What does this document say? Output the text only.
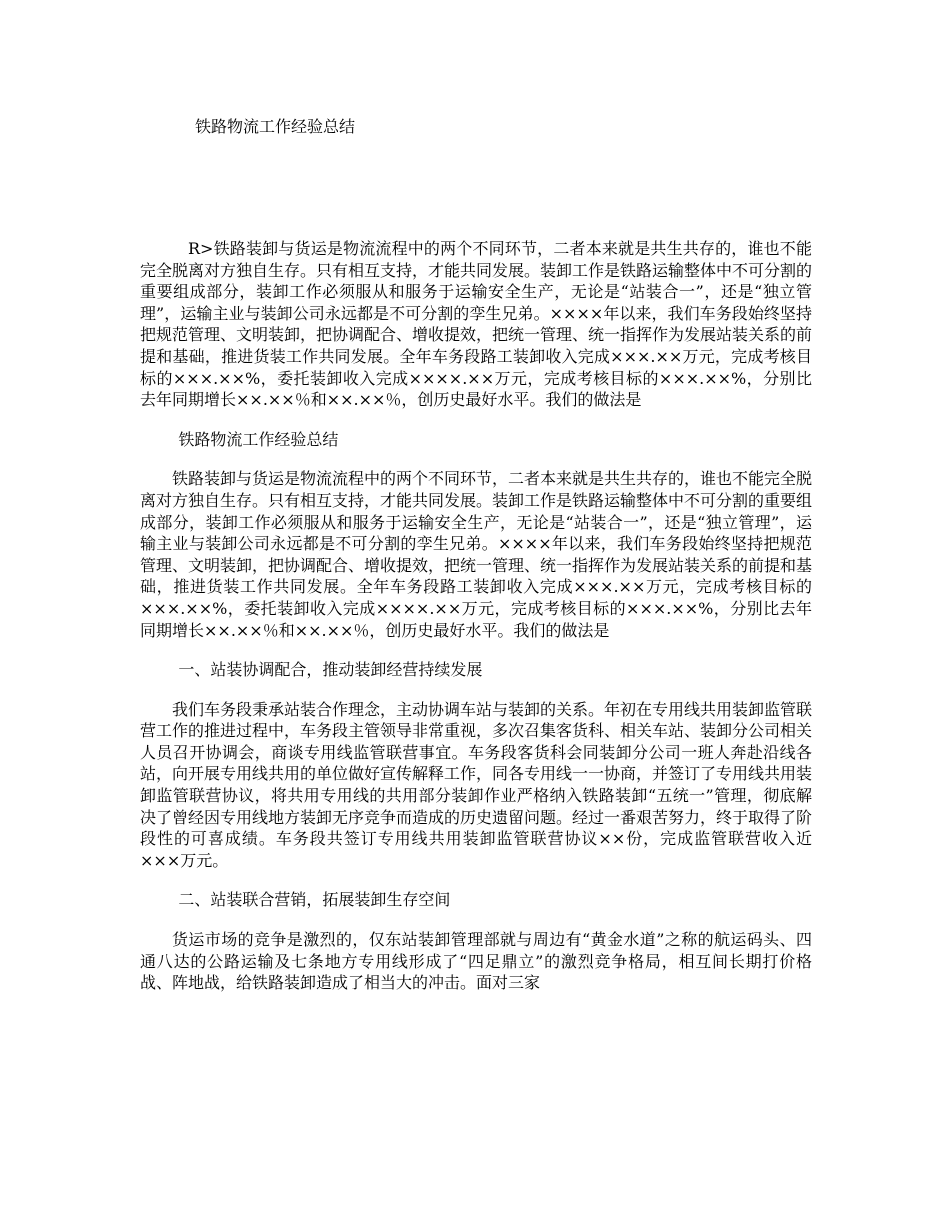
铁路物流工作经验总结

R>铁路装卸与货运是物流流程中的两个不同环节，二者本来就是共生共存的，谁也不能完全脱离对方独自生存。只有相互支持，才能共同发展。装卸工作是铁路运输整体中不可分割的重要组成部分，装卸工作必须服从和服务于运输安全生产，无论是“站装合一”，还是“独立管理”，运输主业与装卸公司永远都是不可分割的孪生兄弟。××××年以来，我们车务段始终坚持把规范管理、文明装卸，把协调配合、增收提效，把统一管理、统一指挥作为发展站装关系的前提和基础，推进货装工作共同发展。全年车务段路工装卸收入完成×××.××万元，完成考核目标的×××.××%，委托装卸收入完成××××.××万元，完成考核目标的×××.××%，分别比去年同期增长××.××％和××.××％，创历史最好水平。我们的做法是

铁路物流工作经验总结

铁路装卸与货运是物流流程中的两个不同环节，二者本来就是共生共存的，谁也不能完全脱离对方独自生存。只有相互支持，才能共同发展。装卸工作是铁路运输整体中不可分割的重要组成部分，装卸工作必须服从和服务于运输安全生产，无论是“站装合一”，还是“独立管理”，运输主业与装卸公司永远都是不可分割的孪生兄弟。××××年以来，我们车务段始终坚持把规范管理、文明装卸，把协调配合、增收提效，把统一管理、统一指挥作为发展站装关系的前提和基础，推进货装工作共同发展。全年车务段路工装卸收入完成×××.××万元，完成考核目标的×××.××%，委托装卸收入完成××××.××万元，完成考核目标的×××.××%，分别比去年同期增长××.××％和××.××％，创历史最好水平。我们的做法是

一、站装协调配合，推动装卸经营持续发展

我们车务段秉承站装合作理念，主动协调车站与装卸的关系。年初在专用线共用装卸监管联营工作的推进过程中，车务段主管领导非常重视，多次召集客货科、相关车站、装卸分公司相关人员召开协调会，商谈专用线监管联营事宜。车务段客货科会同装卸分公司一班人奔赴沿线各站，向开展专用线共用的单位做好宣传解释工作，同各专用线一一协商，并签订了专用线共用装卸监管联营协议，将共用专用线的共用部分装卸作业严格纳入铁路装卸“五统一”管理，彻底解决了曾经因专用线地方装卸无序竞争而造成的历史遗留问题。经过一番艰苦努力，终于取得了阶段性的可喜成绩。车务段共签订专用线共用装卸监管联营协议××份，完成监管联营收入近×××万元。

二、站装联合营销，拓展装卸生存空间

货运市场的竞争是激烈的，仅东站装卸管理部就与周边有“黄金水道”之称的航运码头、四通八达的公路运输及七条地方专用线形成了“四足鼎立”的激烈竞争格局，相互间长期打价格战、阵地战，给铁路装卸造成了相当大的冲击。面对三家
